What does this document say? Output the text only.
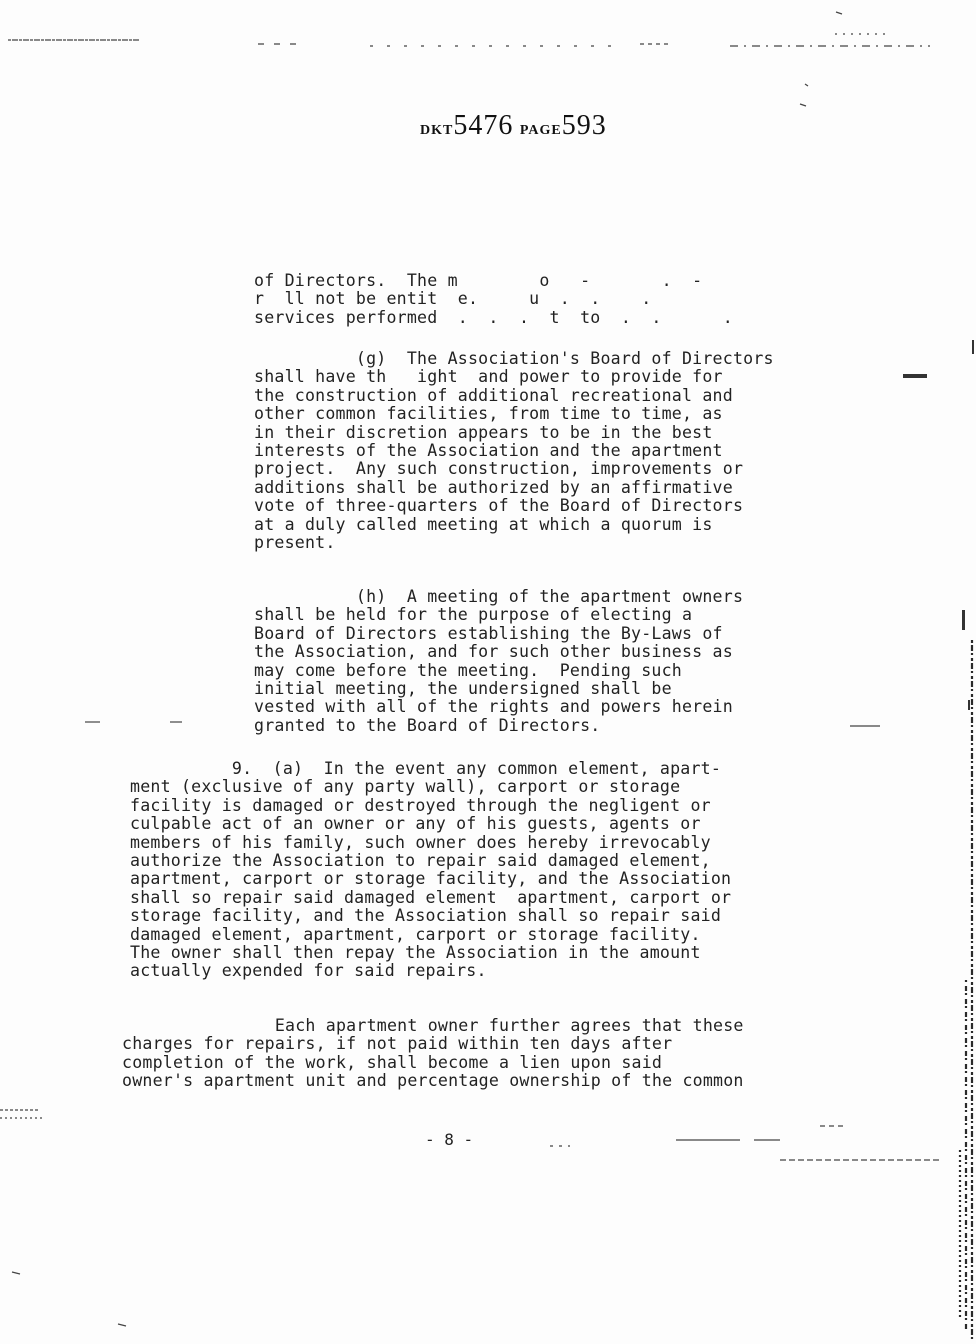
DKT5476 PAGE593
of Directors.  The m        o   -       .  -
r  ll not be entit  e.     u  .  .    .
services performed  .  .  .  t  to  .  .      .
(g)  The Association's Board of Directors
shall have th   ight  and power to provide for
the construction of additional recreational and
other common facilities, from time to time, as
in their discretion appears to be in the best
interests of the Association and the apartment
project.  Any such construction, improvements or
additions shall be authorized by an affirmative
vote of three-quarters of the Board of Directors
at a duly called meeting at which a quorum is
present.
(h)  A meeting of the apartment owners
shall be held for the purpose of electing a
Board of Directors establishing the By-Laws of
the Association, and for such other business as
may come before the meeting.  Pending such
initial meeting, the undersigned shall be
vested with all of the rights and powers herein
granted to the Board of Directors.
9.  (a)  In the event any common element, apart-
ment (exclusive of any party wall), carport or storage
facility is damaged or destroyed through the negligent or
culpable act of an owner or any of his guests, agents or
members of his family, such owner does hereby irrevocably
authorize the Association to repair said damaged element,
apartment, carport or storage facility, and the Association
shall so repair said damaged element  apartment, carport or
storage facility, and the Association shall so repair said
damaged element, apartment, carport or storage facility.
The owner shall then repay the Association in the amount
actually expended for said repairs.
Each apartment owner further agrees that these
charges for repairs, if not paid within ten days after
completion of the work, shall become a lien upon said
owner's apartment unit and percentage ownership of the common
- 8 -
